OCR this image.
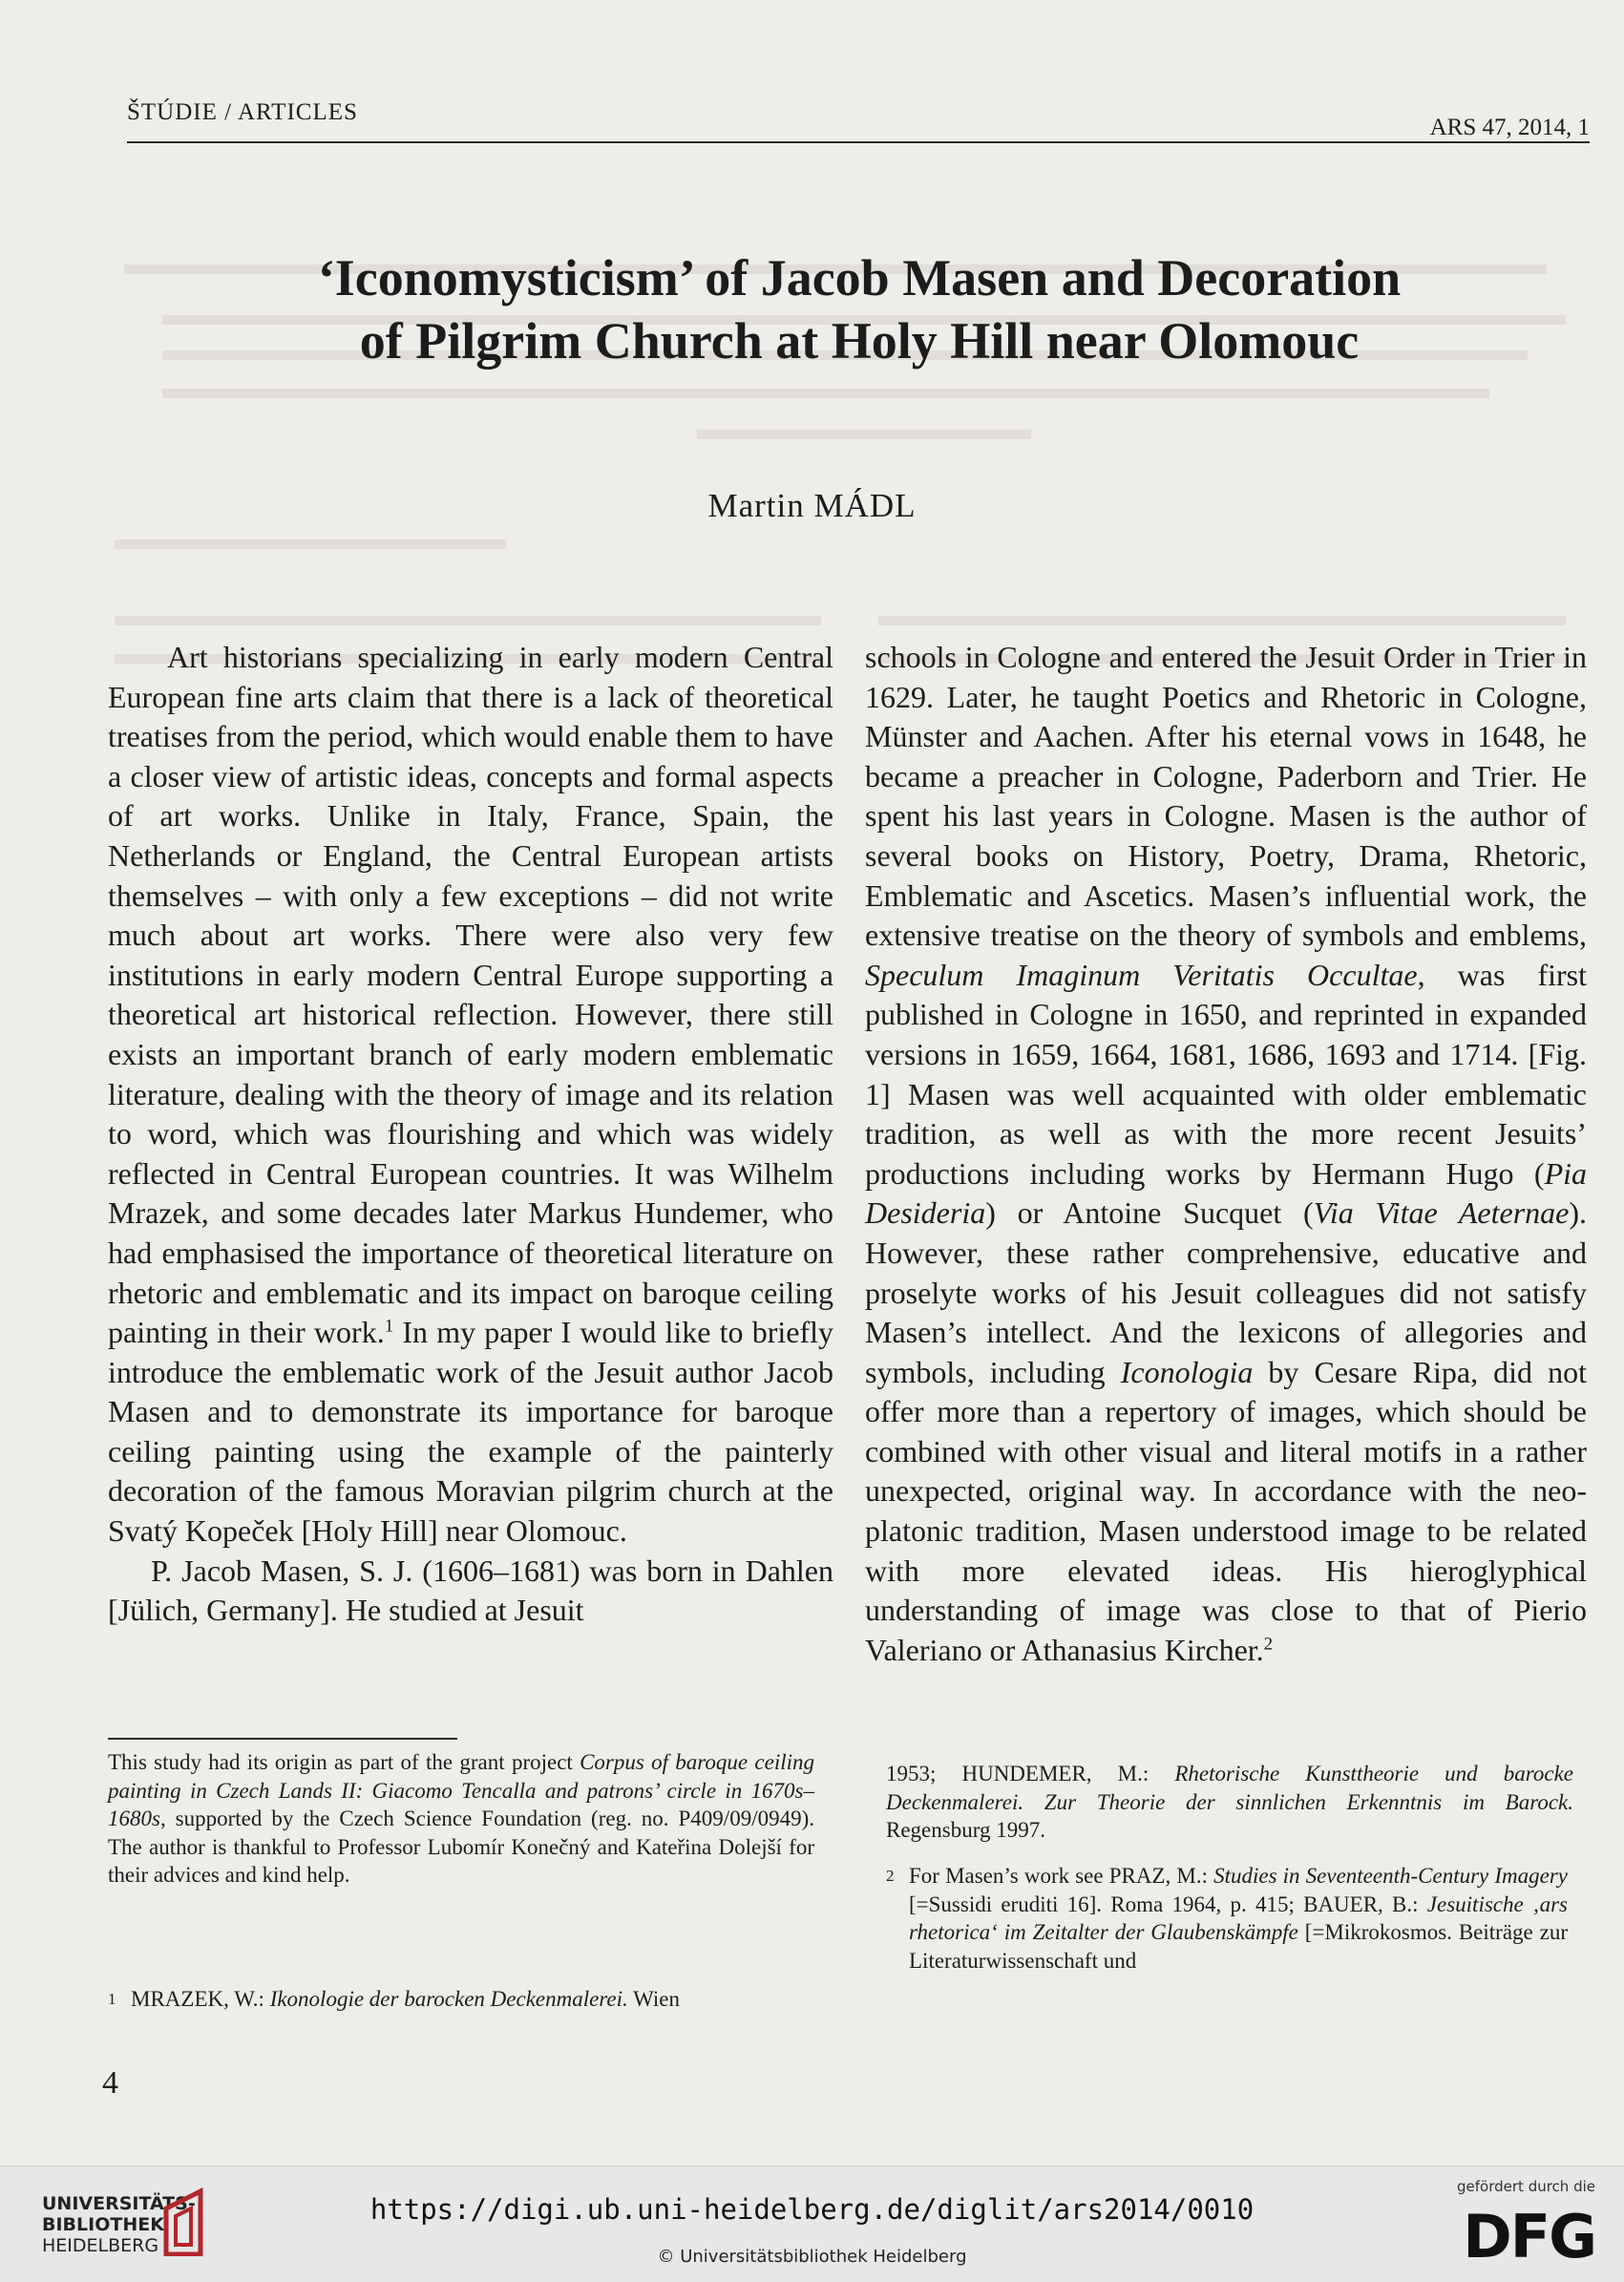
ŠTÚDIE / ARTICLES
ARS 47, 2014, 1
‘Iconomysticism’ of Jacob Masen and Decoration
of Pilgrim Church at Holy Hill near Olomouc
Martin MÁDL

Art historians specializing in early modern Central European fine arts claim that there is a lack of theoretical treatises from the period, which would enable them to have a closer view of artistic ideas, concepts and formal aspects of art works. Unlike in Italy, France, Spain, the Netherlands or England, the Central European artists themselves – with only a few exceptions – did not write much about art works. There were also very few institutions in early modern Central Europe supporting a theoretical art historical reflection. However, there still exists an important branch of early modern emblematic literature, dealing with the theory of image and its relation to word, which was flourishing and which was widely reflected in Central European countries. It was Wilhelm Mrazek, and some decades later Markus Hundemer, who had emphasised the importance of theoretical literature on rhetoric and emblematic and its impact on baroque ceiling painting in their work.$^1$ In my paper I would like to briefly introduce the emblematic work of the Jesuit author Jacob Masen and to demonstrate its importance for baroque ceiling painting using the example of the painterly decoration of the famous Moravian pilgrim church at the Svatý Kopeček [Holy Hill] near Olomouc.

P. Jacob Masen, S. J. (1606–1681) was born in Dahlen [Jülich, Germany]. He studied at Jesuit

schools in Cologne and entered the Jesuit Order in Trier in 1629. Later, he taught Poetics and Rhetoric in Cologne, Münster and Aachen. After his eternal vows in 1648, he became a preacher in Cologne, Paderborn and Trier. He spent his last years in Cologne. Masen is the author of several books on History, Poetry, Drama, Rhetoric, Emblematic and Ascetics. Masen’s influential work, the extensive treatise on the theory of symbols and emblems, Speculum Imaginum Veritatis Occultae, was first published in Cologne in 1650, and reprinted in expanded versions in 1659, 1664, 1681, 1686, 1693 and 1714. [Fig. 1] Masen was well acquainted with older emblematic tradition, as well as with the more recent Jesuits’ productions including works by Hermann Hugo (Pia Desideria) or Antoine Sucquet (Via Vitae Aeternae). However, these rather comprehensive, educative and proselyte works of his Jesuit colleagues did not satisfy Masen’s intellect. And the lexicons of allegories and symbols, including Iconologia by Cesare Ripa, did not offer more than a repertory of images, which should be combined with other visual and literal motifs in a rather unexpected, original way. In accordance with the neo-platonic tradition, Masen understood image to be related with more elevated ideas. His hieroglyphical understanding of image was close to that of Pierio Valeriano or Athanasius Kircher.$^2$

This study had its origin as part of the grant project Corpus of baroque ceiling painting in Czech Lands II: Giacomo Tencalla and patrons’ circle in 1670s–1680s, supported by the Czech Science Foundation (reg. no. P409/09/0949). The author is thankful to Professor Lubomír Konečný and Kateřina Dolejší for their advices and kind help.
1 MRAZEK, W.: Ikonologie der barocken Deckenmalerei. Wien
1953; HUNDEMER, M.: Rhetorische Kunsttheorie und barocke Deckenmalerei. Zur Theorie der sinnlichen Erkenntnis im Barock. Regensburg 1997.
2 For Masen’s work see PRAZ, M.: Studies in Seventeenth-Century Imagery [=Sussidi eruditi 16]. Roma 1964, p. 415; BAUER, B.: Jesuitische ‚ars rhetorica‘ im Zeitalter der Glaubenskämpfe [=Mikrokosmos. Beiträge zur Literaturwissenschaft und
4
UNIVERSITÄTS-
BIBLIOTHEK
HEIDELBERG
https://digi.ub.uni-heidelberg.de/diglit/ars2014/0010
© Universitätsbibliothek Heidelberg
gefördert durch die
DFG
